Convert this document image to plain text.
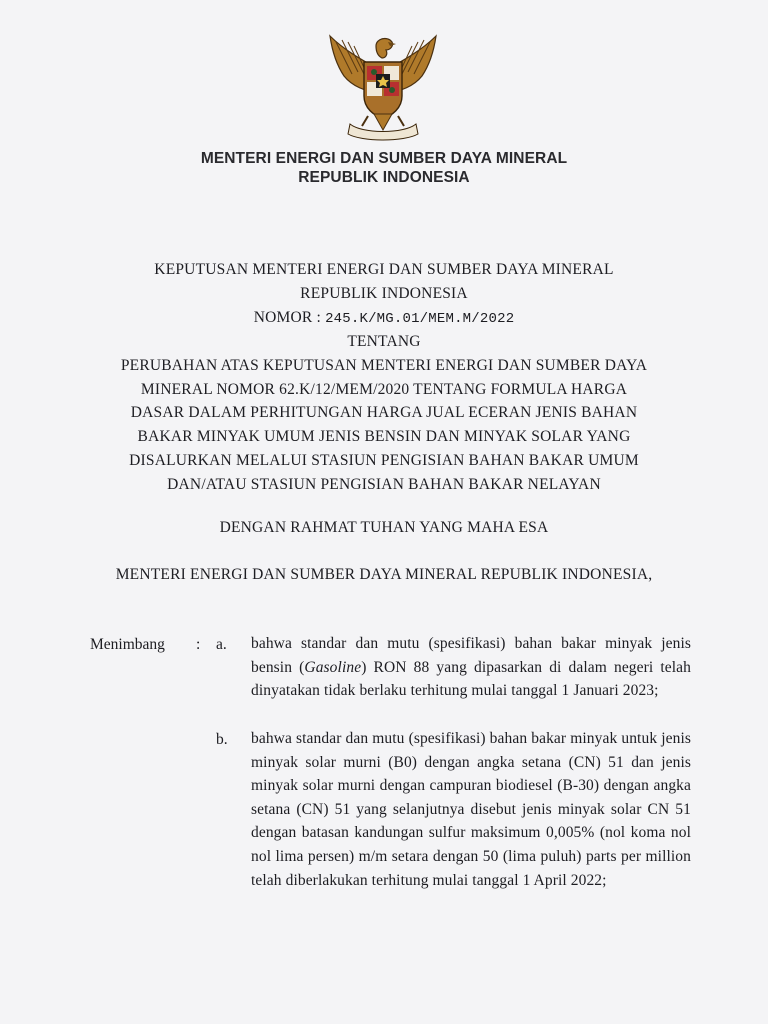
MENTERI ENERGI DAN SUMBER DAYA MINERAL
REPUBLIK INDONESIA
KEPUTUSAN MENTERI ENERGI DAN SUMBER DAYA MINERAL
REPUBLIK INDONESIA
NOMOR : 245.K/MG.01/MEM.M/2022
TENTANG
PERUBAHAN ATAS KEPUTUSAN MENTERI ENERGI DAN SUMBER DAYA
MINERAL NOMOR 62.K/12/MEM/2020 TENTANG FORMULA HARGA
DASAR DALAM PERHITUNGAN HARGA JUAL ECERAN JENIS BAHAN
BAKAR MINYAK UMUM JENIS BENSIN DAN MINYAK SOLAR YANG
DISALURKAN MELALUI STASIUN PENGISIAN BAHAN BAKAR UMUM
DAN/ATAU STASIUN PENGISIAN BAHAN BAKAR NELAYAN
DENGAN RAHMAT TUHAN YANG MAHA ESA
MENTERI ENERGI DAN SUMBER DAYA MINERAL REPUBLIK INDONESIA,
Menimbang : a. bahwa standar dan mutu (spesifikasi) bahan bakar minyak jenis bensin (Gasoline) RON 88 yang dipasarkan di dalam negeri telah dinyatakan tidak berlaku terhitung mulai tanggal 1 Januari 2023;
b. bahwa standar dan mutu (spesifikasi) bahan bakar minyak untuk jenis minyak solar murni (B0) dengan angka setana (CN) 51 dan jenis minyak solar murni dengan campuran biodiesel (B-30) dengan angka setana (CN) 51 yang selanjutnya disebut jenis minyak solar CN 51 dengan batasan kandungan sulfur maksimum 0,005% (nol koma nol nol lima persen) m/m setara dengan 50 (lima puluh) parts per million telah diberlakukan terhitung mulai tanggal 1 April 2022;
